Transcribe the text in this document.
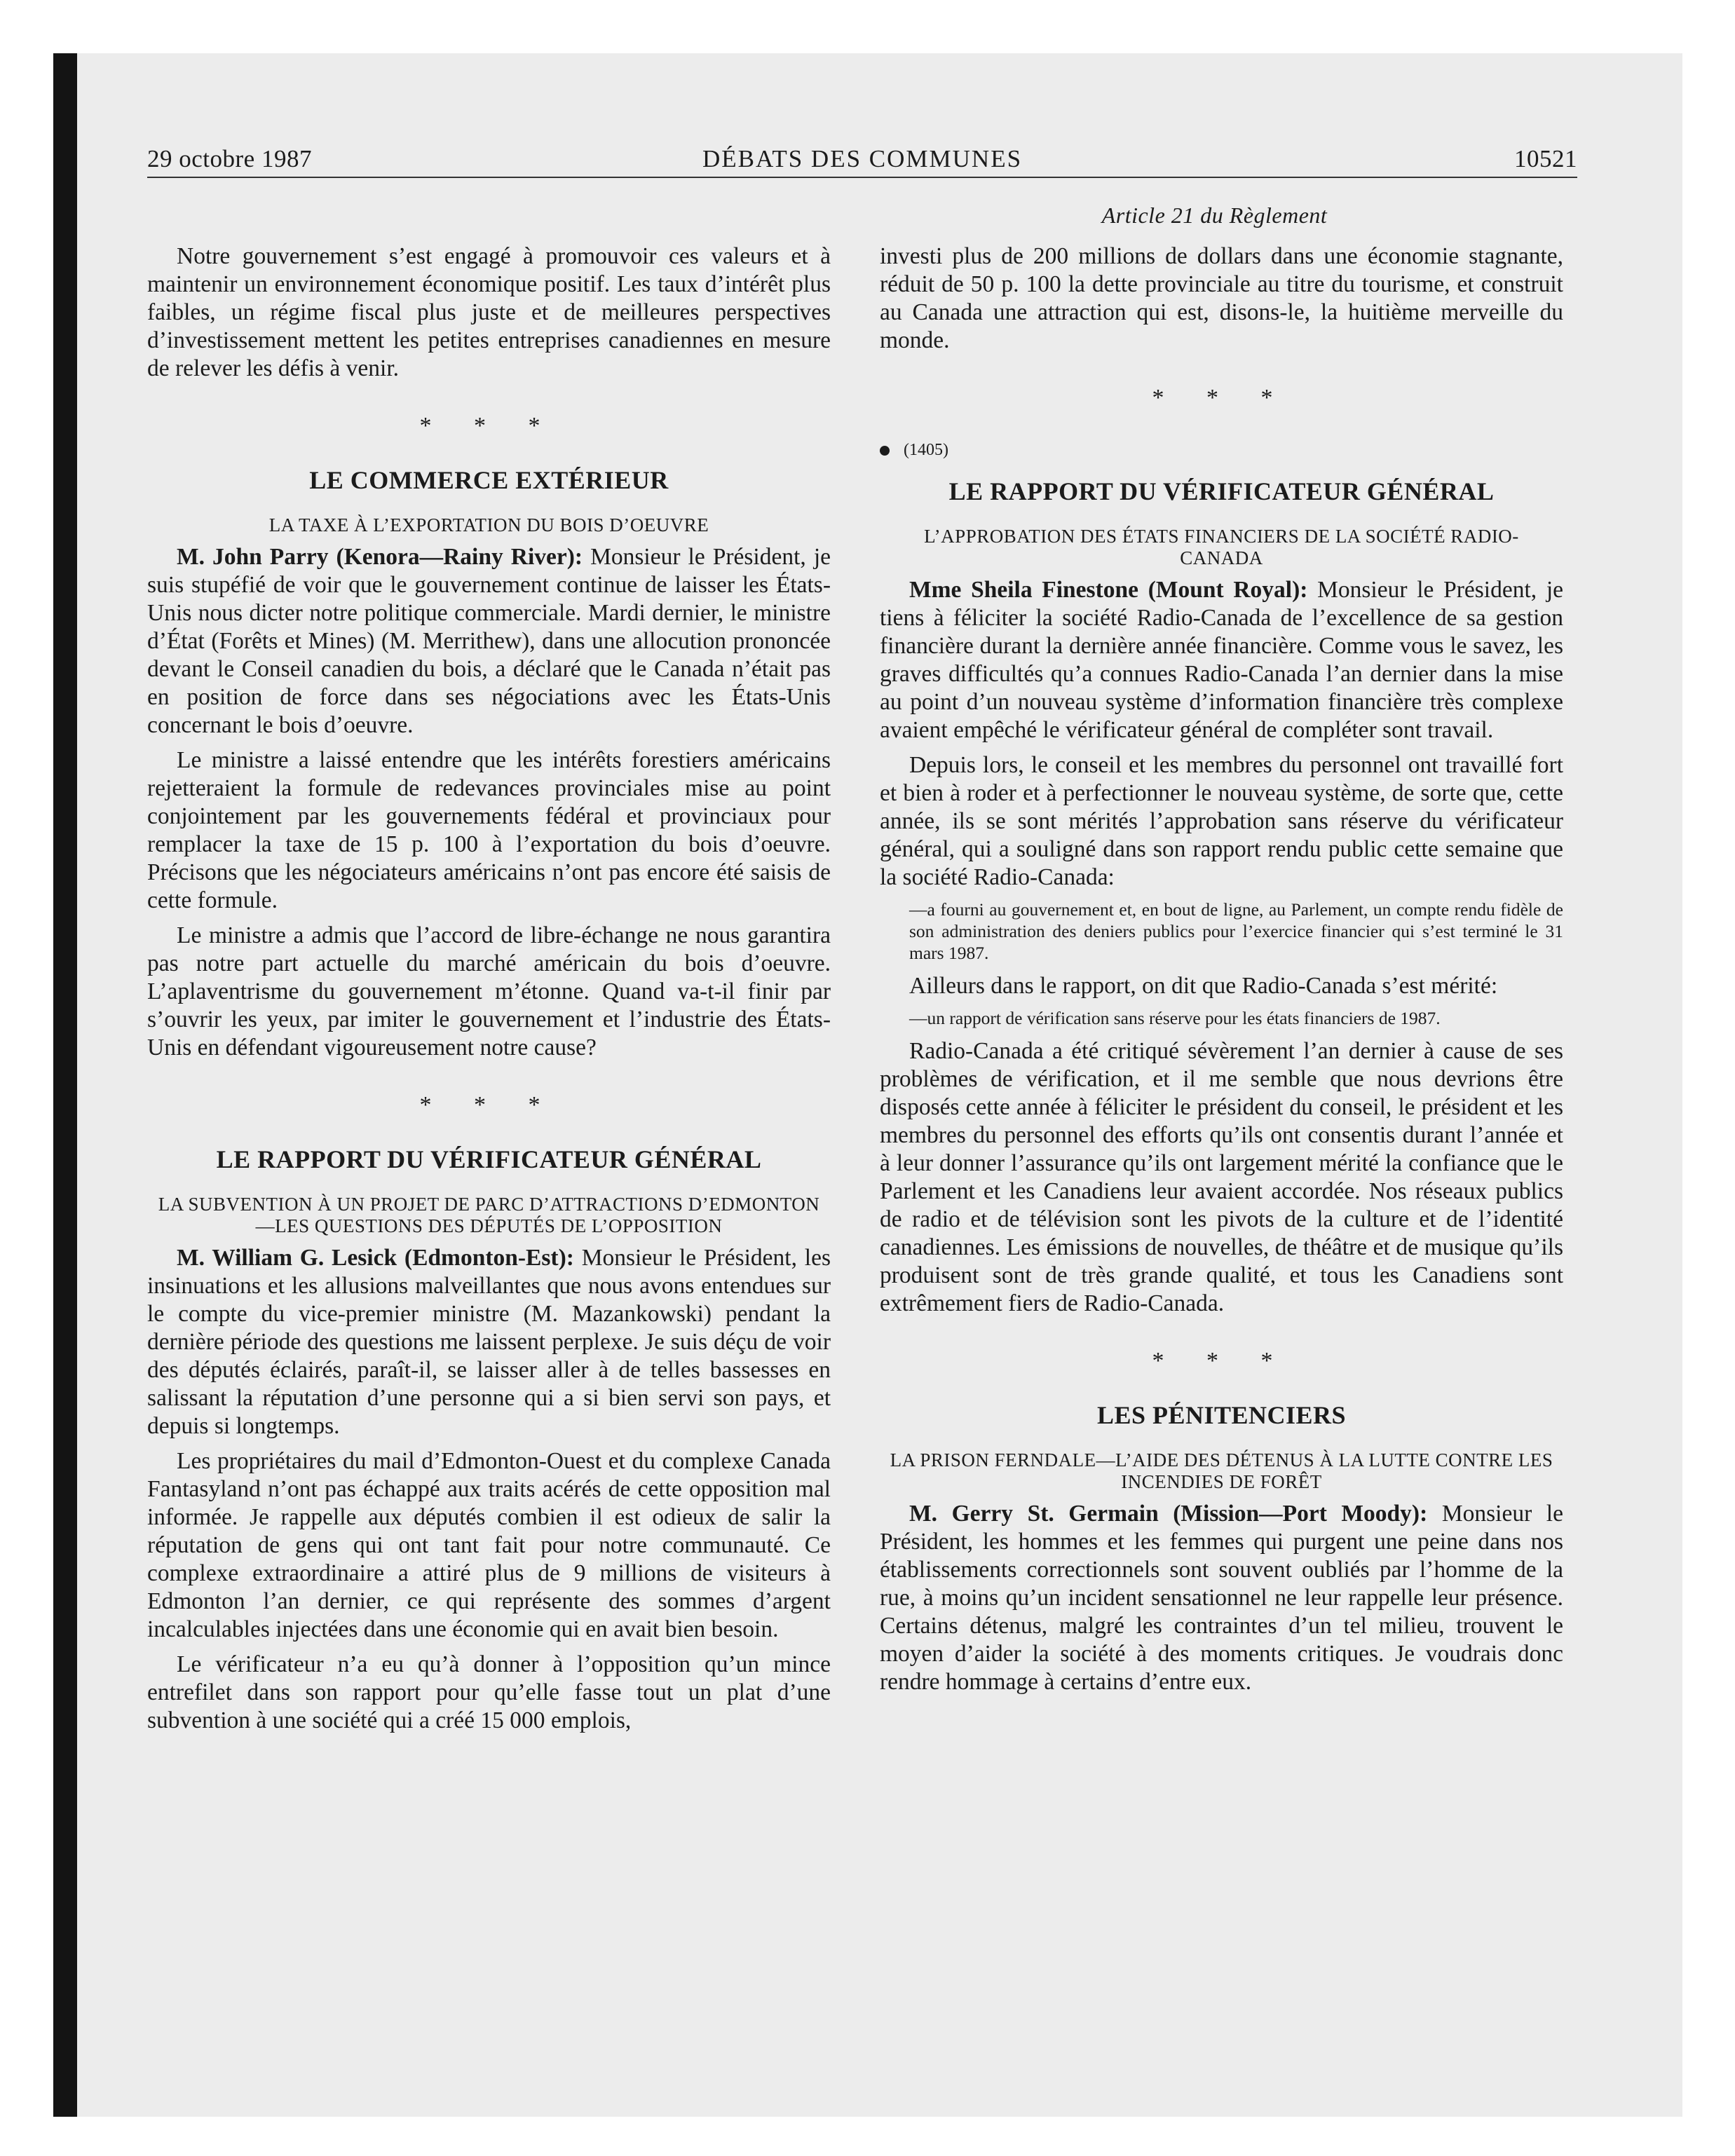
29 octobre 1987	DÉBATS DES COMMUNES	10521
Article 21 du Règlement

Notre gouvernement s’est engagé à promouvoir ces valeurs et à maintenir un environnement économique positif. Les taux d’intérêt plus faibles, un régime fiscal plus juste et de meilleures perspectives d’investissement mettent les petites entreprises canadiennes en mesure de relever les défis à venir.

* * *
LE COMMERCE EXTÉRIEUR
LA TAXE À L’EXPORTATION DU BOIS D’OEUVRE

M. John Parry (Kenora—Rainy River): Monsieur le Président, je suis stupéfié de voir que le gouvernement continue de laisser les États-Unis nous dicter notre politique commerciale. Mardi dernier, le ministre d’État (Forêts et Mines) (M. Merrithew), dans une allocution prononcée devant le Conseil canadien du bois, a déclaré que le Canada n’était pas en position de force dans ses négociations avec les États-Unis concernant le bois d’oeuvre.

Le ministre a laissé entendre que les intérêts forestiers américains rejetteraient la formule de redevances provinciales mise au point conjointement par les gouvernements fédéral et provinciaux pour remplacer la taxe de 15 p. 100 à l’exportation du bois d’oeuvre. Précisons que les négociateurs américains n’ont pas encore été saisis de cette formule.

Le ministre a admis que l’accord de libre-échange ne nous garantira pas notre part actuelle du marché américain du bois d’oeuvre. L’aplaventrisme du gouvernement m’étonne. Quand va-t-il finir par s’ouvrir les yeux, par imiter le gouvernement et l’industrie des États-Unis en défendant vigoureusement notre cause?

* * *
LE RAPPORT DU VÉRIFICATEUR GÉNÉRAL
LA SUBVENTION À UN PROJET DE PARC D’ATTRACTIONS D’EDMONTON—LES QUESTIONS DES DÉPUTÉS DE L’OPPOSITION

M. William G. Lesick (Edmonton-Est): Monsieur le Président, les insinuations et les allusions malveillantes que nous avons entendues sur le compte du vice-premier ministre (M. Mazankowski) pendant la dernière période des questions me laissent perplexe. Je suis déçu de voir des députés éclairés, paraît-il, se laisser aller à de telles bassesses en salissant la réputation d’une personne qui a si bien servi son pays, et depuis si longtemps.

Les propriétaires du mail d’Edmonton-Ouest et du complexe Canada Fantasyland n’ont pas échappé aux traits acérés de cette opposition mal informée. Je rappelle aux députés combien il est odieux de salir la réputation de gens qui ont tant fait pour notre communauté. Ce complexe extraordinaire a attiré plus de 9 millions de visiteurs à Edmonton l’an dernier, ce qui représente des sommes d’argent incalculables injectées dans une économie qui en avait bien besoin.

Le vérificateur n’a eu qu’à donner à l’opposition qu’un mince entrefilet dans son rapport pour qu’elle fasse tout un plat d’une subvention à une société qui a créé 15 000 emplois,

investi plus de 200 millions de dollars dans une économie stagnante, réduit de 50 p. 100 la dette provinciale au titre du tourisme, et construit au Canada une attraction qui est, disons-le, la huitième merveille du monde.

* * *
(1405)
LE RAPPORT DU VÉRIFICATEUR GÉNÉRAL
L’APPROBATION DES ÉTATS FINANCIERS DE LA SOCIÉTÉ RADIO-CANADA

Mme Sheila Finestone (Mount Royal): Monsieur le Président, je tiens à féliciter la société Radio-Canada de l’excellence de sa gestion financière durant la dernière année financière. Comme vous le savez, les graves difficultés qu’a connues Radio-Canada l’an dernier dans la mise au point d’un nouveau système d’information financière très complexe avaient empêché le vérificateur général de compléter sont travail.

Depuis lors, le conseil et les membres du personnel ont travaillé fort et bien à roder et à perfectionner le nouveau système, de sorte que, cette année, ils se sont mérités l’approbation sans réserve du vérificateur général, qui a souligné dans son rapport rendu public cette semaine que la société Radio-Canada:

—a fourni au gouvernement et, en bout de ligne, au Parlement, un compte rendu fidèle de son administration des deniers publics pour l’exercice financier qui s’est terminé le 31 mars 1987.

Ailleurs dans le rapport, on dit que Radio-Canada s’est mérité:

—un rapport de vérification sans réserve pour les états financiers de 1987.

Radio-Canada a été critiqué sévèrement l’an dernier à cause de ses problèmes de vérification, et il me semble que nous devrions être disposés cette année à féliciter le président du conseil, le président et les membres du personnel des efforts qu’ils ont consentis durant l’année et à leur donner l’assurance qu’ils ont largement mérité la confiance que le Parlement et les Canadiens leur avaient accordée. Nos réseaux publics de radio et de télévision sont les pivots de la culture et de l’identité canadiennes. Les émissions de nouvelles, de théâtre et de musique qu’ils produisent sont de très grande qualité, et tous les Canadiens sont extrêmement fiers de Radio-Canada.

* * *
LES PÉNITENCIERS
LA PRISON FERNDALE—L’AIDE DES DÉTENUS À LA LUTTE CONTRE LES INCENDIES DE FORÊT

M. Gerry St. Germain (Mission—Port Moody): Monsieur le Président, les hommes et les femmes qui purgent une peine dans nos établissements correctionnels sont souvent oubliés par l’homme de la rue, à moins qu’un incident sensationnel ne leur rappelle leur présence. Certains détenus, malgré les contraintes d’un tel milieu, trouvent le moyen d’aider la société à des moments critiques. Je voudrais donc rendre hommage à certains d’entre eux.
